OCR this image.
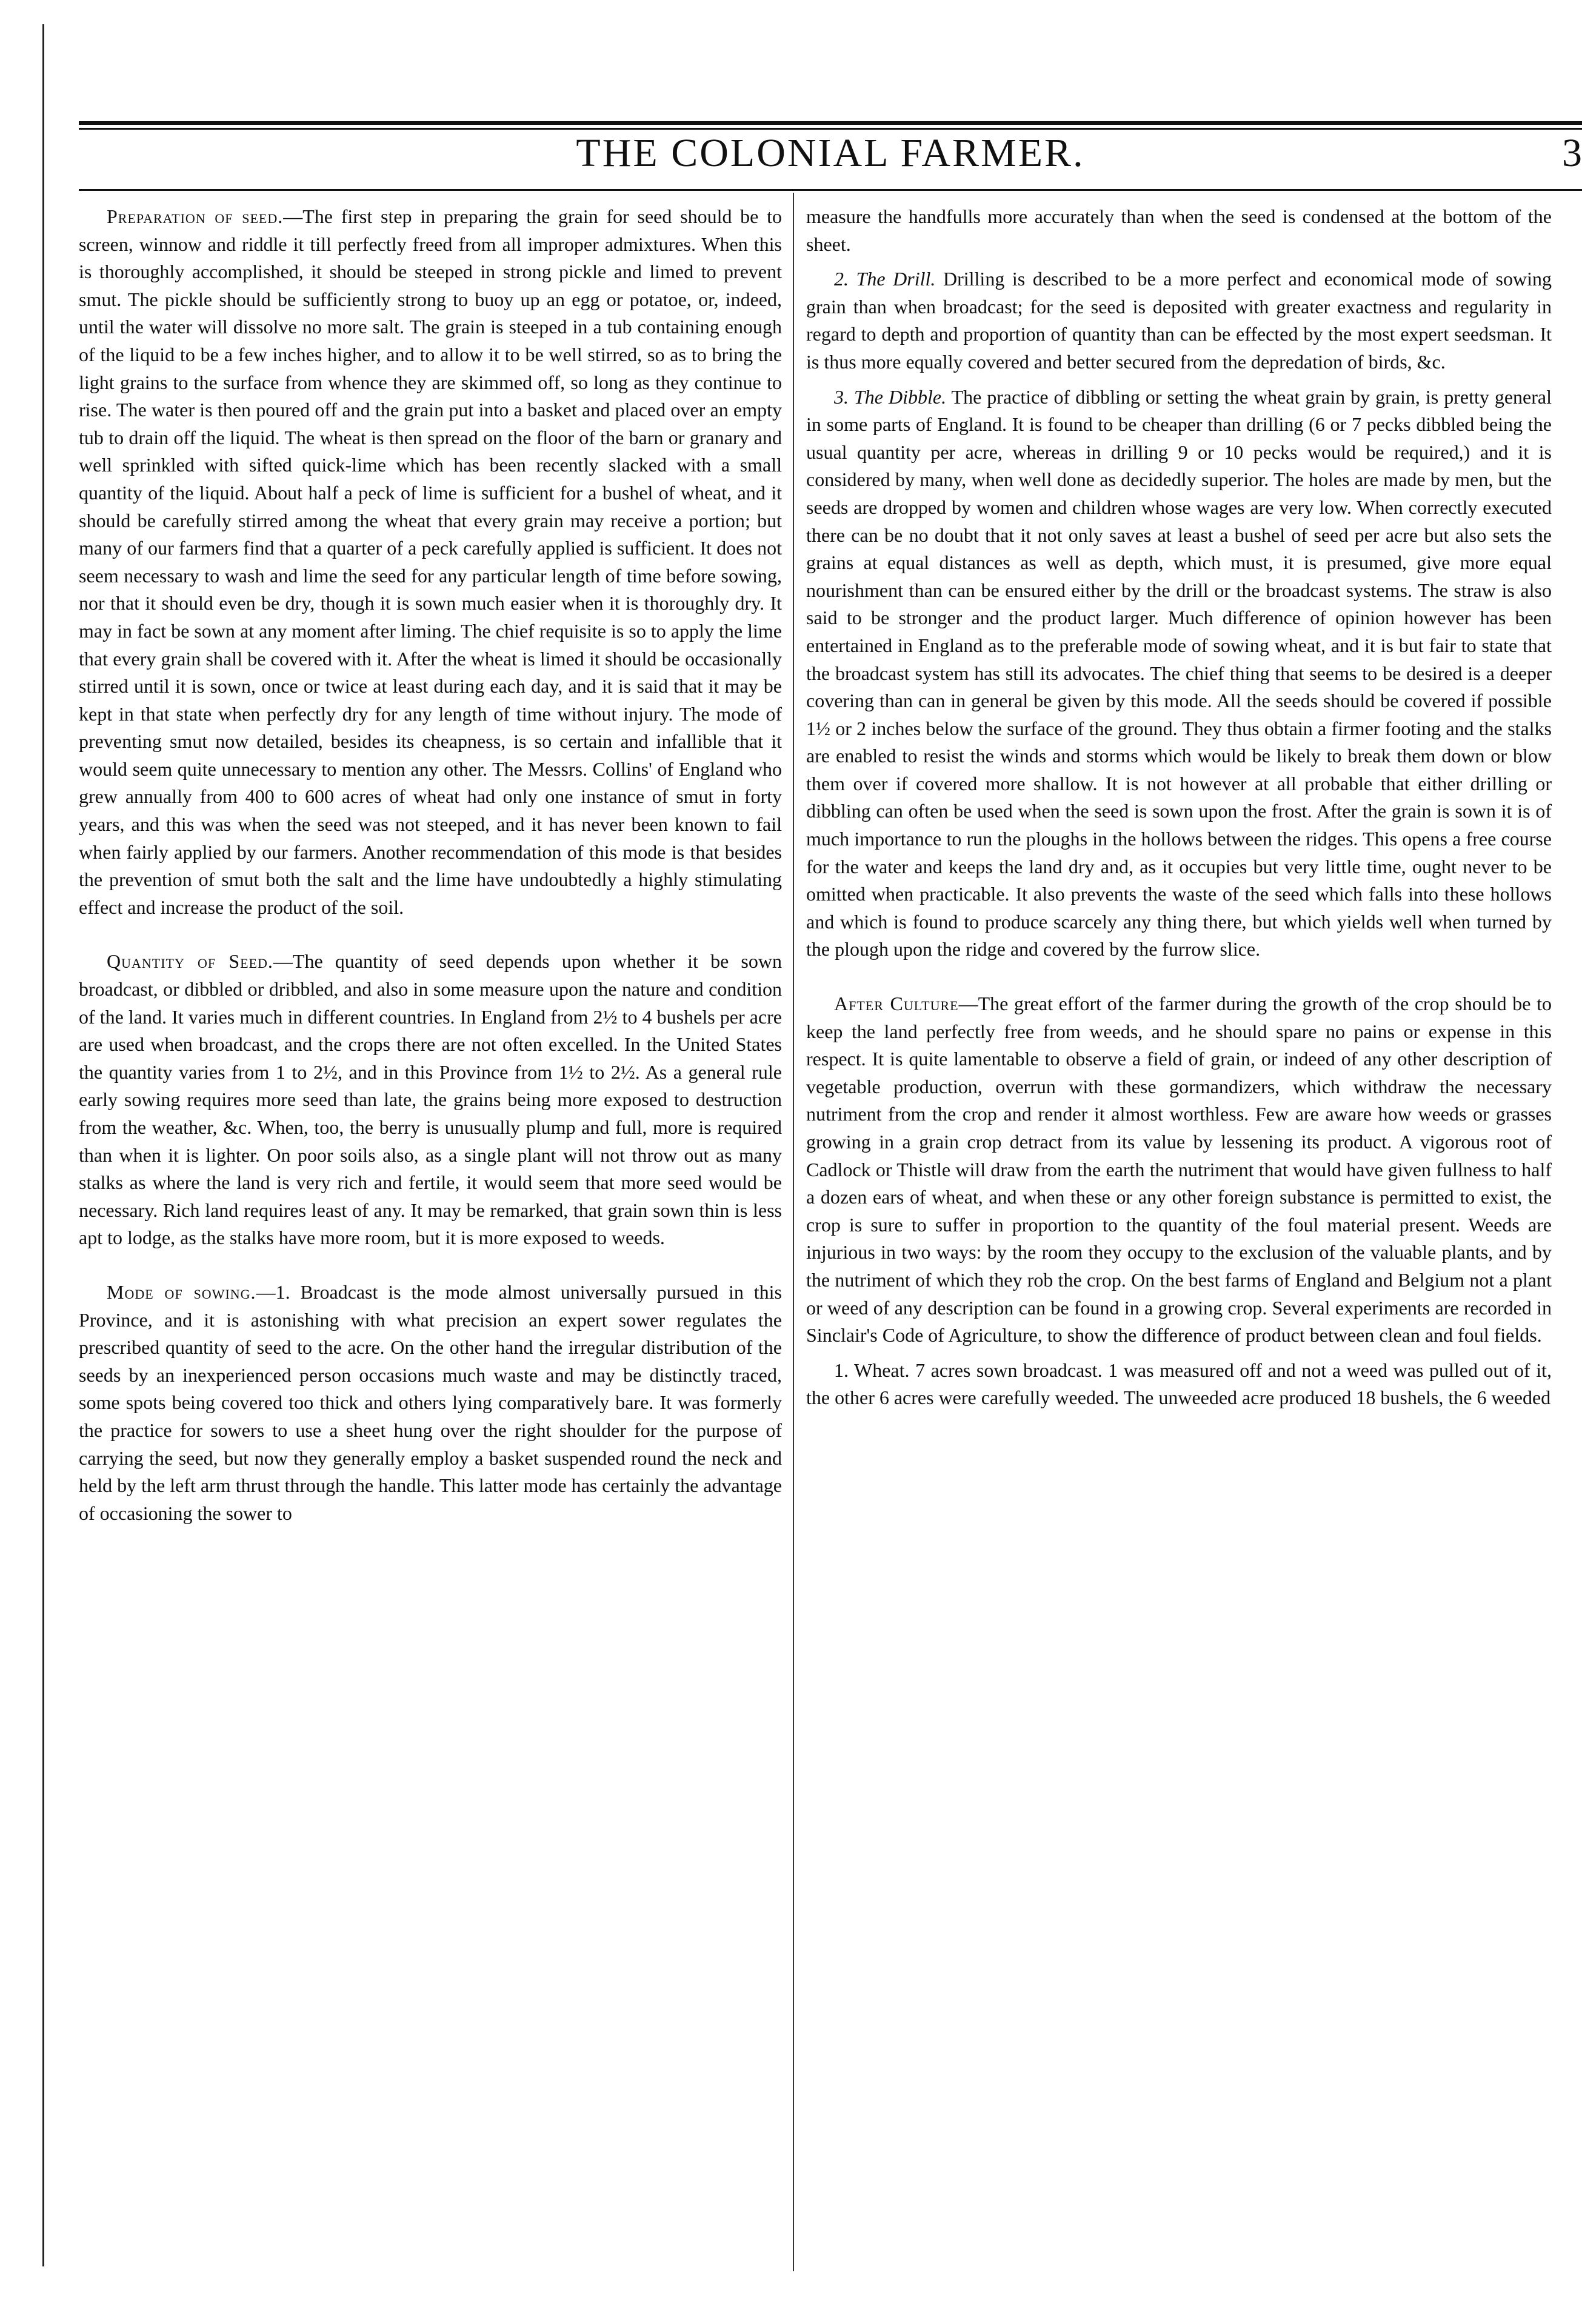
THE COLONIAL FARMER.	3

Preparation of seed.—The first step in preparing the grain for seed should be to screen, winnow and riddle it till perfectly freed from all improper admixtures. When this is thoroughly accomplished, it should be steeped in strong pickle and limed to prevent smut. The pickle should be sufficiently strong to buoy up an egg or potatoe, or, indeed, until the water will dissolve no more salt. The grain is steeped in a tub containing enough of the liquid to be a few inches higher, and to allow it to be well stirred, so as to bring the light grains to the surface from whence they are skimmed off, so long as they continue to rise. The water is then poured off and the grain put into a basket and placed over an empty tub to drain off the liquid. The wheat is then spread on the floor of the barn or granary and well sprinkled with sifted quick-lime which has been recently slacked with a small quantity of the liquid. About half a peck of lime is sufficient for a bushel of wheat, and it should be carefully stirred among the wheat that every grain may receive a portion; but many of our farmers find that a quarter of a peck carefully applied is sufficient. It does not seem necessary to wash and lime the seed for any particular length of time before sowing, nor that it should even be dry, though it is sown much easier when it is thoroughly dry. It may in fact be sown at any moment after liming. The chief requisite is so to apply the lime that every grain shall be covered with it. After the wheat is limed it should be occasionally stirred until it is sown, once or twice at least during each day, and it is said that it may be kept in that state when perfectly dry for any length of time without injury. The mode of preventing smut now detailed, besides its cheapness, is so certain and infallible that it would seem quite unnecessary to mention any other. The Messrs. Collins' of England who grew annually from 400 to 600 acres of wheat had only one instance of smut in forty years, and this was when the seed was not steeped, and it has never been known to fail when fairly applied by our farmers. Another recommendation of this mode is that besides the prevention of smut both the salt and the lime have undoubtedly a highly stimulating effect and increase the product of the soil.

Quantity of Seed.—The quantity of seed depends upon whether it be sown broadcast, or dibbled or dribbled, and also in some measure upon the nature and condition of the land. It varies much in different countries. In England from 2½ to 4 bushels per acre are used when broadcast, and the crops there are not often excelled. In the United States the quantity varies from 1 to 2½, and in this Province from 1½ to 2½. As a general rule early sowing requires more seed than late, the grains being more exposed to destruction from the weather, &c. When, too, the berry is unusually plump and full, more is required than when it is lighter. On poor soils also, as a single plant will not throw out as many stalks as where the land is very rich and fertile, it would seem that more seed would be necessary. Rich land requires least of any. It may be remarked, that grain sown thin is less apt to lodge, as the stalks have more room, but it is more exposed to weeds.

Mode of sowing.—1. Broadcast is the mode almost universally pursued in this Province, and it is astonishing with what precision an expert sower regulates the prescribed quantity of seed to the acre. On the other hand the irregular distribution of the seeds by an inexperienced person occasions much waste and may be distinctly traced, some spots being covered too thick and others lying comparatively bare. It was formerly the practice for sowers to use a sheet hung over the right shoulder for the purpose of carrying the seed, but now they generally employ a basket suspended round the neck and held by the left arm thrust through the handle. This latter mode has certainly the advantage of occasioning the sower to

measure the handfulls more accurately than when the seed is condensed at the bottom of the sheet.

2. The Drill. Drilling is described to be a more perfect and economical mode of sowing grain than when broadcast; for the seed is deposited with greater exactness and regularity in regard to depth and proportion of quantity than can be effected by the most expert seedsman. It is thus more equally covered and better secured from the depredation of birds, &c.

3. The Dibble. The practice of dibbling or setting the wheat grain by grain, is pretty general in some parts of England. It is found to be cheaper than drilling (6 or 7 pecks dibbled being the usual quantity per acre, whereas in drilling 9 or 10 pecks would be required,) and it is considered by many, when well done as decidedly superior. The holes are made by men, but the seeds are dropped by women and children whose wages are very low. When correctly executed there can be no doubt that it not only saves at least a bushel of seed per acre but also sets the grains at equal distances as well as depth, which must, it is presumed, give more equal nourishment than can be ensured either by the drill or the broadcast systems. The straw is also said to be stronger and the product larger. Much difference of opinion however has been entertained in England as to the preferable mode of sowing wheat, and it is but fair to state that the broadcast system has still its advocates. The chief thing that seems to be desired is a deeper covering than can in general be given by this mode. All the seeds should be covered if possible 1½ or 2 inches below the surface of the ground. They thus obtain a firmer footing and the stalks are enabled to resist the winds and storms which would be likely to break them down or blow them over if covered more shallow. It is not however at all probable that either drilling or dibbling can often be used when the seed is sown upon the frost. After the grain is sown it is of much importance to run the ploughs in the hollows between the ridges. This opens a free course for the water and keeps the land dry and, as it occupies but very little time, ought never to be omitted when practicable. It also prevents the waste of the seed which falls into these hollows and which is found to produce scarcely any thing there, but which yields well when turned by the plough upon the ridge and covered by the furrow slice.

After Culture—The great effort of the farmer during the growth of the crop should be to keep the land perfectly free from weeds, and he should spare no pains or expense in this respect. It is quite lamentable to observe a field of grain, or indeed of any other description of vegetable production, overrun with these gormandizers, which withdraw the necessary nutriment from the crop and render it almost worthless. Few are aware how weeds or grasses growing in a grain crop detract from its value by lessening its product. A vigorous root of Cadlock or Thistle will draw from the earth the nutriment that would have given fullness to half a dozen ears of wheat, and when these or any other foreign substance is permitted to exist, the crop is sure to suffer in proportion to the quantity of the foul material present. Weeds are injurious in two ways: by the room they occupy to the exclusion of the valuable plants, and by the nutriment of which they rob the crop. On the best farms of England and Belgium not a plant or weed of any description can be found in a growing crop. Several experiments are recorded in Sinclair's Code of Agriculture, to show the difference of product between clean and foul fields.

1. Wheat. 7 acres sown broadcast. 1 was measured off and not a weed was pulled out of it, the other 6 acres were carefully weeded. The unweeded acre produced 18 bushels, the 6 weeded
